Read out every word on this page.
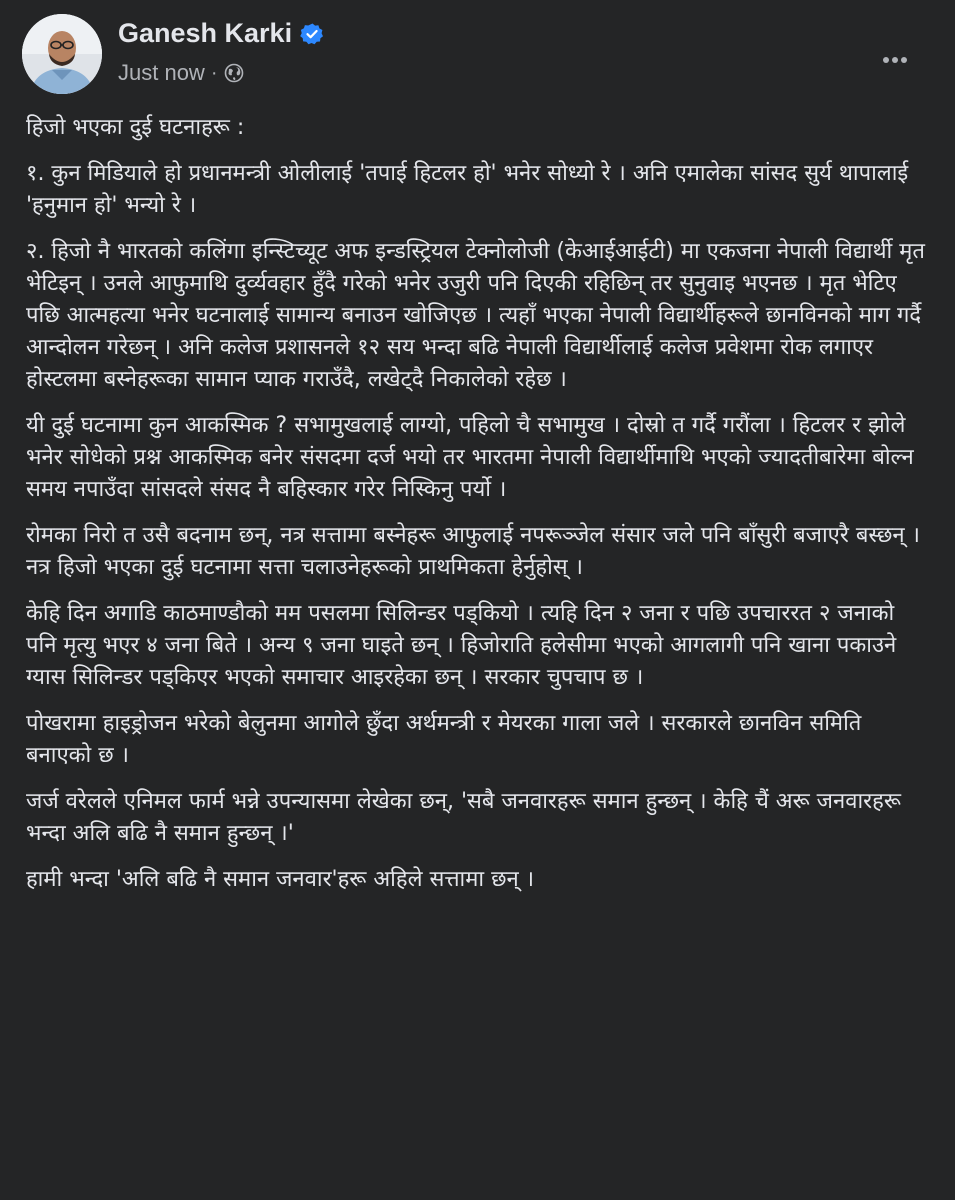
Ganesh Karki
Just now ·

हिजो भएका दुई घटनाहरू :

१. कुन मिडियाले हो प्रधानमन्त्री ओलीलाई 'तपाई हिटलर हो' भनेर सोध्यो रे । अनि एमालेका सांसद सुर्य थापालाई 'हनुमान हो' भन्यो रे ।

२. हिजो नै भारतको कलिंगा इन्स्टिच्यूट अफ इन्डस्ट्रियल टेक्नोलोजी (केआईआईटी) मा एकजना नेपाली विद्यार्थी मृत भेटिइन् । उनले आफुमाथि दुर्व्यवहार हुँदै गरेको भनेर उजुरी पनि दिएकी रहिछिन् तर सुनुवाइ भएनछ । मृत भेटिए पछि आत्महत्या भनेर घटनालाई सामान्य बनाउन खोजिएछ । त्यहाँ भएका नेपाली विद्यार्थीहरूले छानविनको माग गर्दै आन्दोलन गरेछन् । अनि कलेज प्रशासनले १२ सय भन्दा बढि नेपाली विद्यार्थीलाई कलेज प्रवेशमा रोक लगाएर होस्टलमा बस्नेहरूका सामान प्याक गराउँदै, लखेट्दै निकालेको रहेछ ।

यी दुई घटनामा कुन आकस्मिक ? सभामुखलाई लाग्यो, पहिलो चै सभामुख । दोस्रो त गर्दै गरौंला । हिटलर र झोले भनेर सोधेको प्रश्न आकस्मिक बनेर संसदमा दर्ज भयो तर भारतमा नेपाली विद्यार्थीमाथि भएको ज्यादतीबारेमा बोल्न समय नपाउँदा सांसदले संसद नै बहिस्कार गरेर निस्किनु पर्यो ।

रोमका निरो त उसै बदनाम छन्, नत्र सत्तामा बस्नेहरू आफुलाई नपरूञ्जेल संसार जले पनि बाँसुरी बजाएरै बस्छन् । नत्र हिजो भएका दुई घटनामा सत्ता चलाउनेहरूको प्राथमिकता हेर्नुहोस् ।

केहि दिन अगाडि काठमाण्डौको मम पसलमा सिलिन्डर पड्कियो । त्यहि दिन २ जना र पछि उपचाररत २ जनाको पनि मृत्यु भएर ४ जना बिते । अन्य ९ जना घाइते छन् । हिजोराति हलेसीमा भएको आगलागी पनि खाना पकाउने ग्यास सिलिन्डर पड्किएर भएको समाचार आइरहेका छन् । सरकार चुपचाप छ ।

पोखरामा हाइड्रोजन भरेको बेलुनमा आगोले छुँदा अर्थमन्त्री र मेयरका गाला जले । सरकारले छानविन समिति बनाएको छ ।

जर्ज वरेलले एनिमल फार्म भन्ने उपन्यासमा लेखेका छन्, 'सबै जनवारहरू समान हुन्छन् । केहि चैं अरू जनवारहरू भन्दा अलि बढि नै समान हुन्छन् ।'

हामी भन्दा 'अलि बढि नै समान जनवार'हरू अहिले सत्तामा छन् ।
